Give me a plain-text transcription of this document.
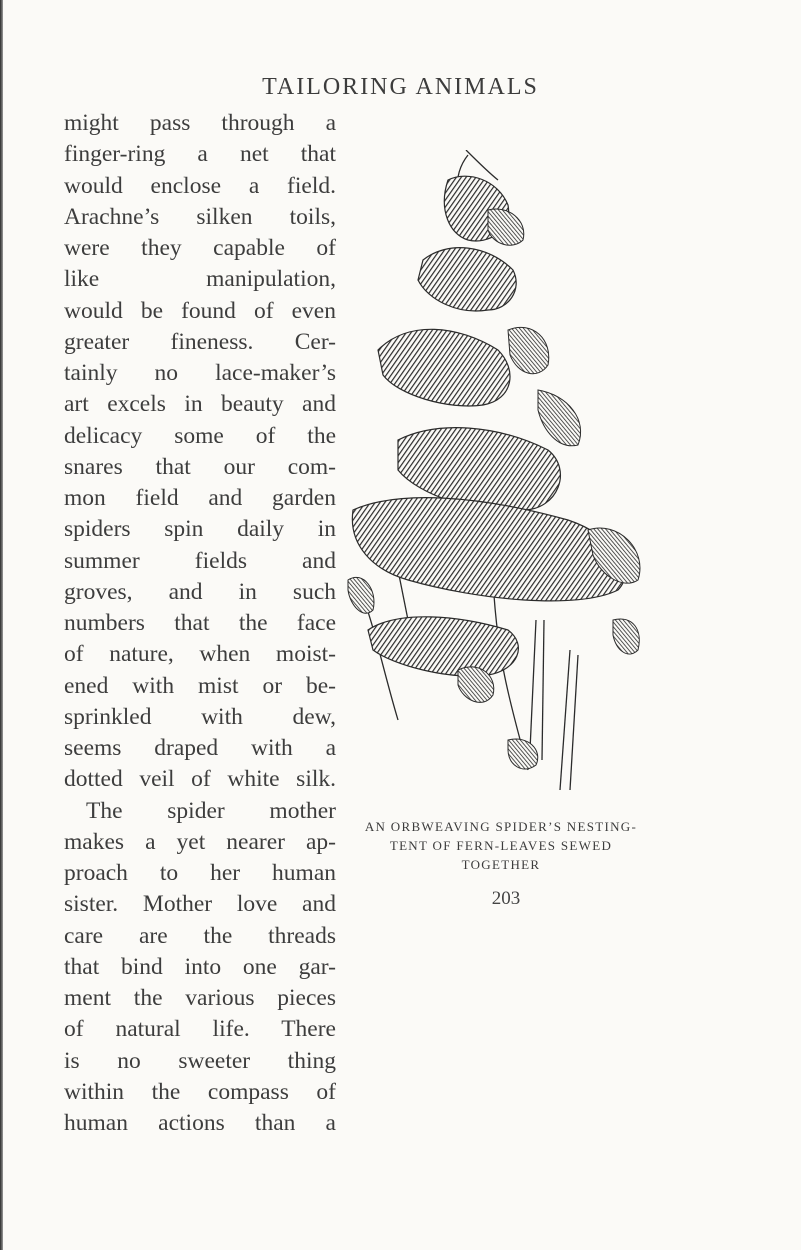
TAILORING ANIMALS
might pass through a
finger-ring a net that
would enclose a field.
Arachne’s silken toils,
were they capable of
like manipulation,
would be found of even
greater fineness. Cer-
tainly no lace-maker’s
art excels in beauty and
delicacy some of the
snares that our com-
mon field and garden
spiders spin daily in
summer fields and
groves, and in such
numbers that the face
of nature, when moist-
ened with mist or be-
sprinkled with dew,
seems draped with a
dotted veil of white silk.
The spider mother
makes a yet nearer ap-
proach to her human
sister. Mother love and
care are the threads
that bind into one gar-
ment the various pieces
of natural life. There
is no sweeter thing
within the compass of
human actions than a
AN ORBWEAVING SPIDER’S NESTING-
TENT OF FERN-LEAVES SEWED
TOGETHER
203
